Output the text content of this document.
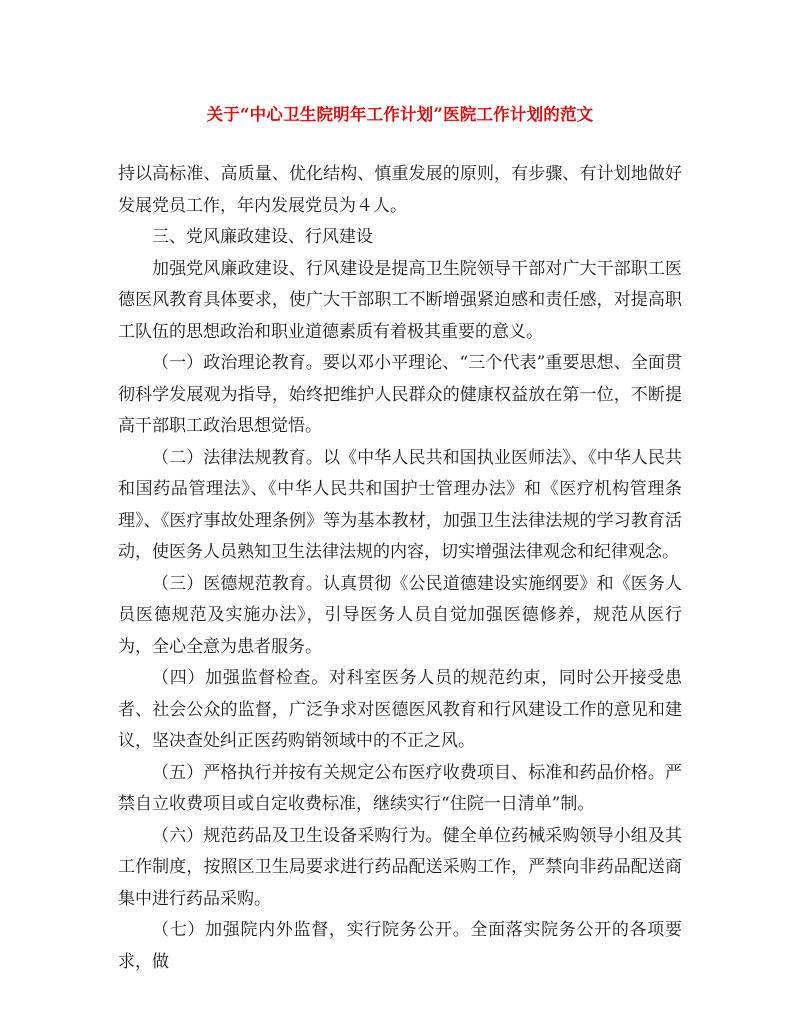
关于“中心卫生院明年工作计划”医院工作计划的范文

持以高标准、高质量、优化结构、慎重发展的原则，有步骤、有计划地做好发展党员工作，年内发展党员为４人。

三、党风廉政建设、行风建设

加强党风廉政建设、行风建设是提高卫生院领导干部对广大干部职工医德医风教育具体要求，使广大干部职工不断增强紧迫感和责任感，对提高职工队伍的思想政治和职业道德素质有着极其重要的意义。

（一）政治理论教育。要以邓小平理论、“三个代表”重要思想、全面贯彻科学发展观为指导，始终把维护人民群众的健康权益放在第一位，不断提高干部职工政治思想觉悟。

（二）法律法规教育。以《中华人民共和国执业医师法》、《中华人民共和国药品管理法》、《中华人民共和国护士管理办法》和《医疗机构管理条理》、《医疗事故处理条例》等为基本教材，加强卫生法律法规的学习教育活动，使医务人员熟知卫生法律法规的内容，切实增强法律观念和纪律观念。

（三）医德规范教育。认真贯彻《公民道德建设实施纲要》和《医务人员医德规范及实施办法》，引导医务人员自觉加强医德修养，规范从医行为，全心全意为患者服务。

（四）加强监督检查。对科室医务人员的规范约束，同时公开接受患者、社会公众的监督，广泛争求对医德医风教育和行风建设工作的意见和建议，坚决查处纠正医药购销领域中的不正之风。

（五）严格执行并按有关规定公布医疗收费项目、标准和药品价格。严禁自立收费项目或自定收费标准，继续实行“住院一日清单”制。

（六）规范药品及卫生设备采购行为。健全单位药械采购领导小组及其工作制度，按照区卫生局要求进行药品配送采购工作，严禁向非药品配送商集中进行药品采购。

（七）加强院内外监督，实行院务公开。全面落实院务公开的各项要求，做
